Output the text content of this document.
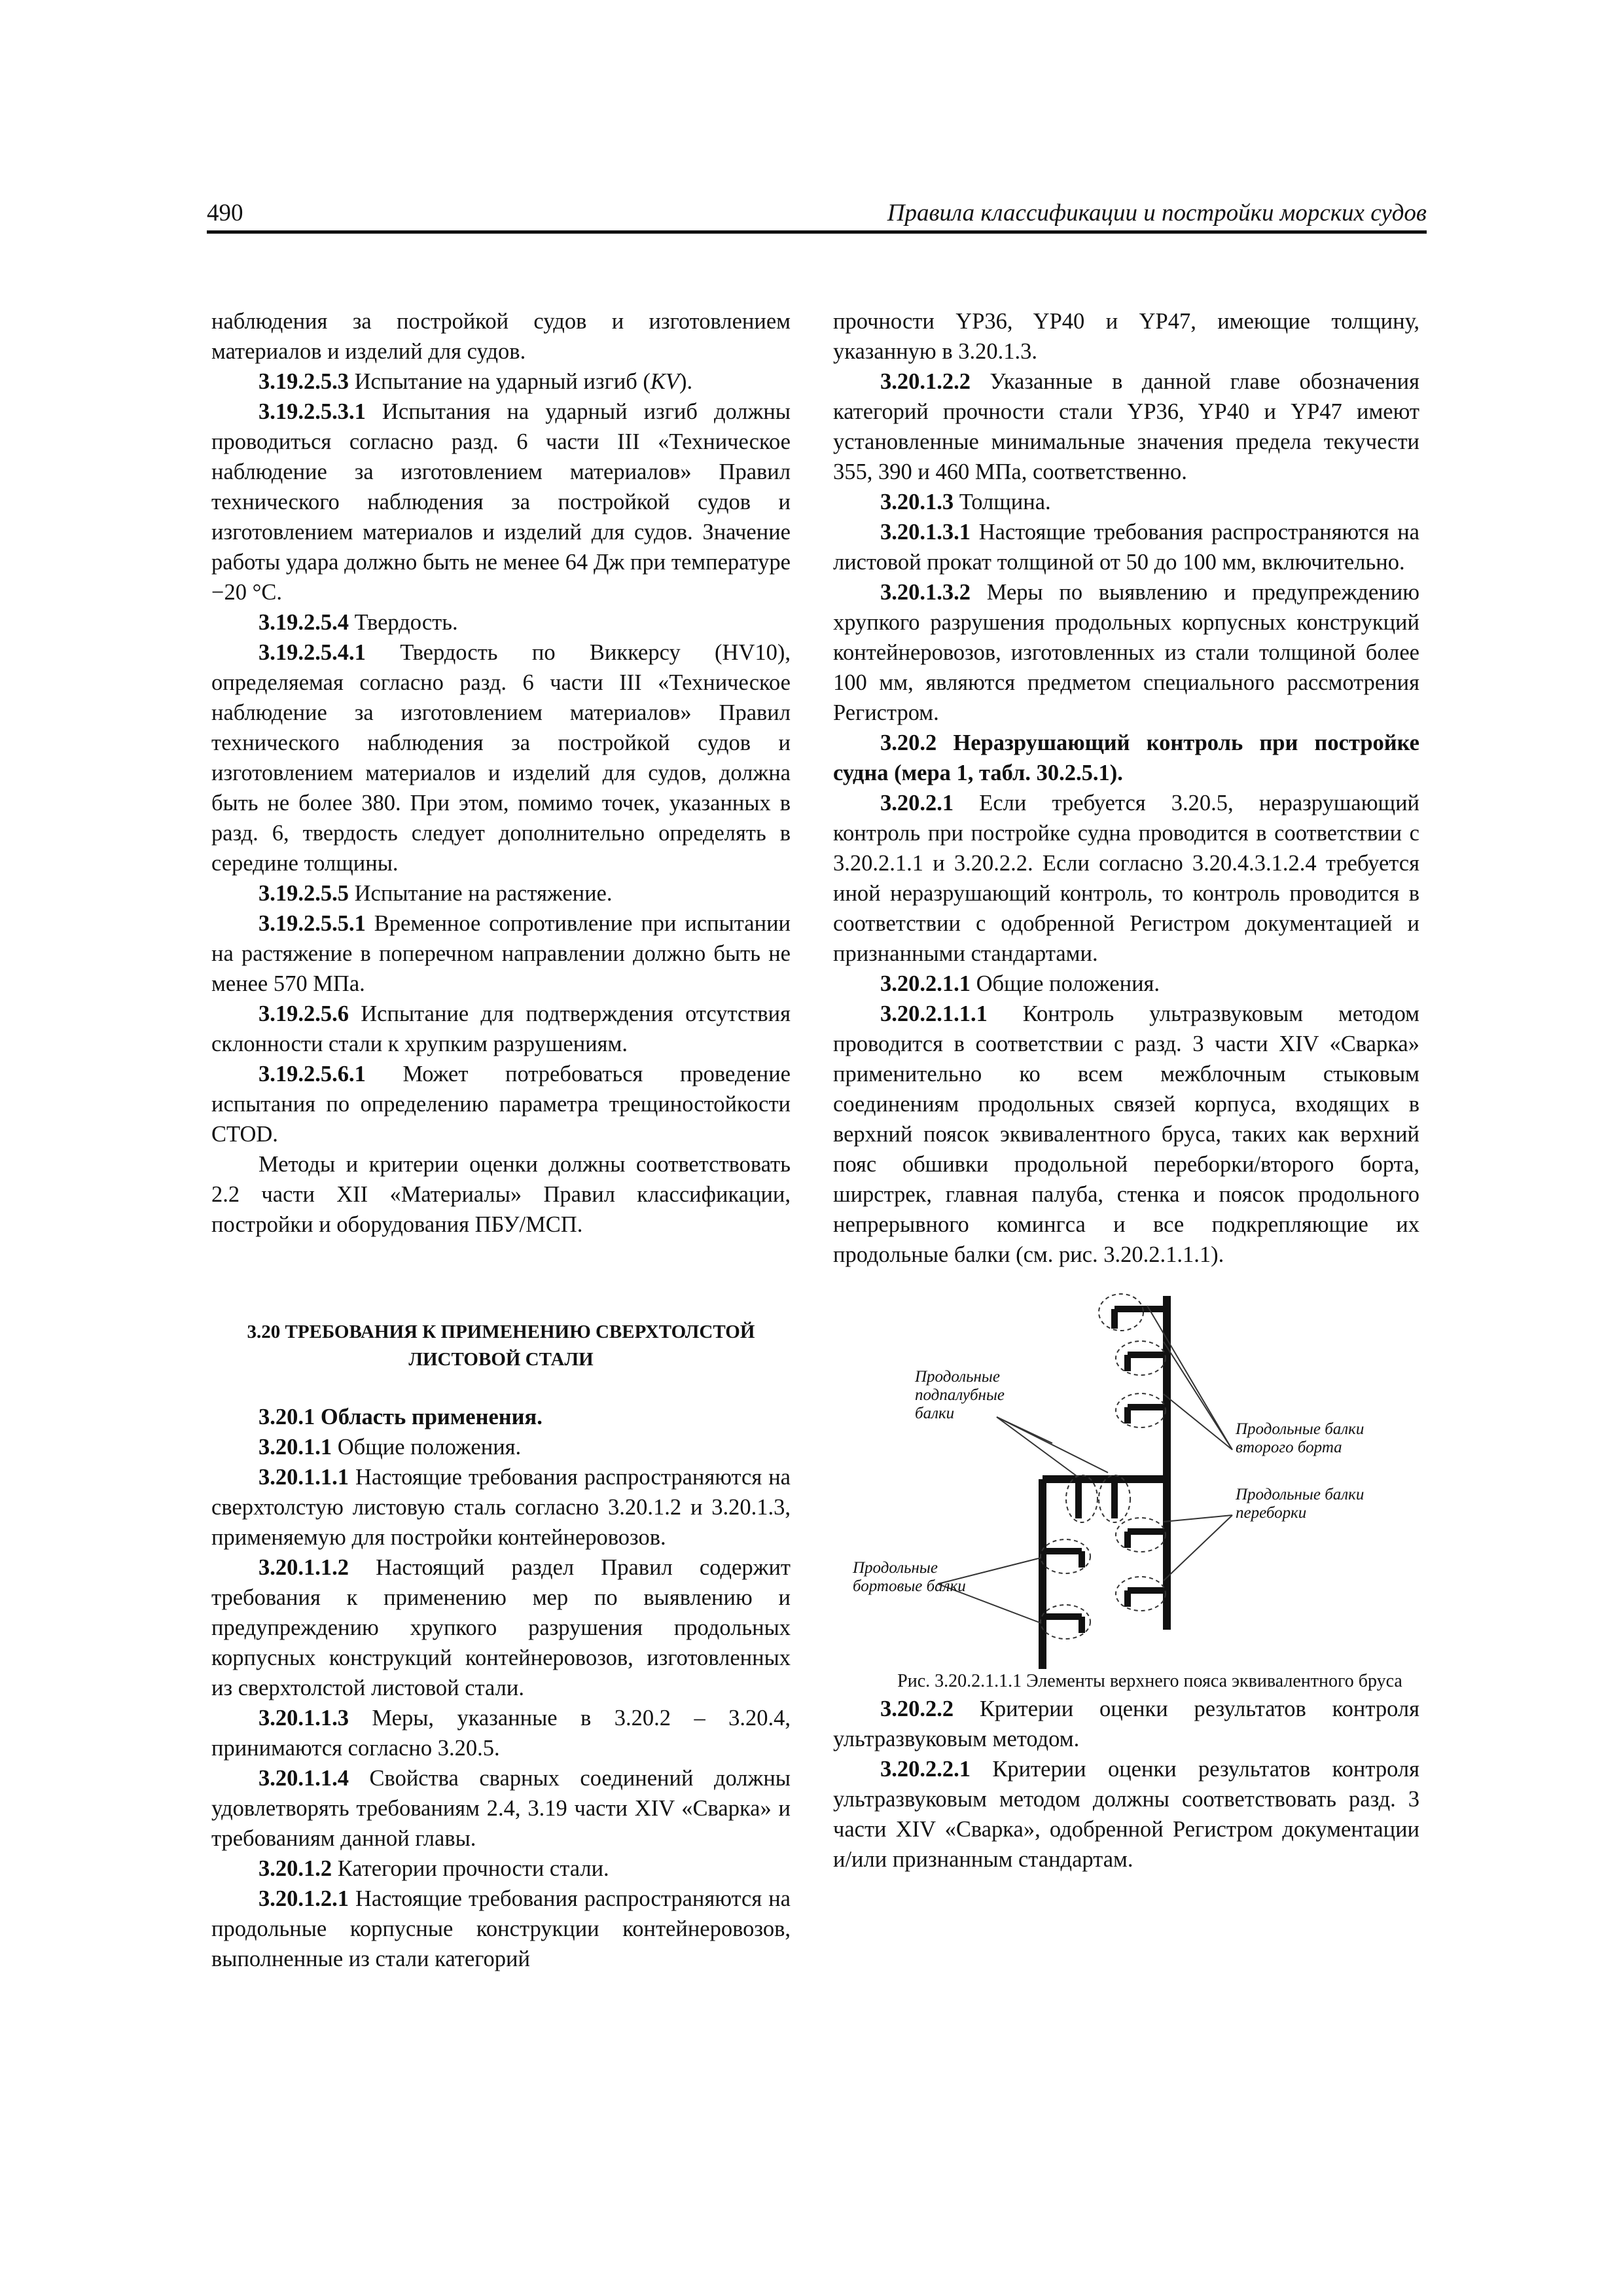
490	Правила классификации и постройки морских судов

наблюдения за постройкой судов и изготовлением материалов и изделий для судов.

3.19.2.5.3 Испытание на ударный изгиб (KV).

3.19.2.5.3.1 Испытания на ударный изгиб должны проводиться согласно разд. 6 части III «Техническое наблюдение за изготовлением материалов» Правил технического наблюдения за постройкой судов и изготовлением материалов и изделий для судов. Значение работы удара должно быть не менее 64 Дж при температуре −20 °С.

3.19.2.5.4 Твердость.

3.19.2.5.4.1 Твердость по Виккерсу (HV10), определяемая согласно разд. 6 части III «Техническое наблюдение за изготовлением материалов» Правил технического наблюдения за постройкой судов и изготовлением материалов и изделий для судов, должна быть не более 380. При этом, помимо точек, указанных в разд. 6, твердость следует дополнительно определять в середине толщины.

3.19.2.5.5 Испытание на растяжение.

3.19.2.5.5.1 Временное сопротивление при испытании на растяжение в поперечном направлении должно быть не менее 570 МПа.

3.19.2.5.6 Испытание для подтверждения отсутствия склонности стали к хрупким разрушениям.

3.19.2.5.6.1 Может потребоваться проведение испытания по определению параметра трещиностойкости CTOD.

Методы и критерии оценки должны соответствовать 2.2 части XII «Материалы» Правил классификации, постройки и оборудования ПБУ/МСП.

3.20 ТРЕБОВАНИЯ К ПРИМЕНЕНИЮ СВЕРХТОЛСТОЙ ЛИСТОВОЙ СТАЛИ

3.20.1 Область применения.

3.20.1.1 Общие положения.

3.20.1.1.1 Настоящие требования распространяются на сверхтолстую листовую сталь согласно 3.20.1.2 и 3.20.1.3, применяемую для постройки контейнеровозов.

3.20.1.1.2 Настоящий раздел Правил содержит требования к применению мер по выявлению и предупреждению хрупкого разрушения продольных корпусных конструкций контейнеровозов, изготовленных из сверхтолстой листовой стали.

3.20.1.1.3 Меры, указанные в 3.20.2 – 3.20.4, принимаются согласно 3.20.5.

3.20.1.1.4 Свойства сварных соединений должны удовлетворять требованиям 2.4, 3.19 части XIV «Сварка» и требованиям данной главы.

3.20.1.2 Категории прочности стали.

3.20.1.2.1 Настоящие требования распространяются на продольные корпусные конструкции контейнеровозов, выполненные из стали категорий

прочности YP36, YP40 и YP47, имеющие толщину, указанную в 3.20.1.3.

3.20.1.2.2 Указанные в данной главе обозначения категорий прочности стали YP36, YP40 и YP47 имеют установленные минимальные значения предела текучести 355, 390 и 460 МПа, соответственно.

3.20.1.3 Толщина.

3.20.1.3.1 Настоящие требования распространяются на листовой прокат толщиной от 50 до 100 мм, включительно.

3.20.1.3.2 Меры по выявлению и предупреждению хрупкого разрушения продольных корпусных конструкций контейнеровозов, изготовленных из стали толщиной более 100 мм, являются предметом специального рассмотрения Регистром.

3.20.2 Неразрушающий контроль при постройке судна (мера 1, табл. 30.2.5.1).

3.20.2.1 Если требуется 3.20.5, неразрушающий контроль при постройке судна проводится в соответствии с 3.20.2.1.1 и 3.20.2.2. Если согласно 3.20.4.3.1.2.4 требуется иной неразрушающий контроль, то контроль проводится в соответствии с одобренной Регистром документацией и признанными стандартами.

3.20.2.1.1 Общие положения.

3.20.2.1.1.1 Контроль ультразвуковым методом проводится в соответствии с разд. 3 части XIV «Сварка» применительно ко всем межблочным стыковым соединениям продольных связей корпуса, входящих в верхний поясок эквивалентного бруса, таких как верхний пояс обшивки продольной переборки/второго борта, ширстрек, главная палуба, стенка и поясок продольного непрерывного комингса и все подкрепляющие их продольные балки (см. рис. 3.20.2.1.1.1).

Продольные подпалубные балки
Продольные балки второго борта
Продольные балки переборки
Продольные бортовые балки

Рис. 3.20.2.1.1.1 Элементы верхнего пояса эквивалентного бруса

3.20.2.2 Критерии оценки результатов контроля ультразвуковым методом.

3.20.2.2.1 Критерии оценки результатов контроля ультразвуковым методом должны соответствовать разд. 3 части XIV «Сварка», одобренной Регистром документации и/или признанным стандартам.
